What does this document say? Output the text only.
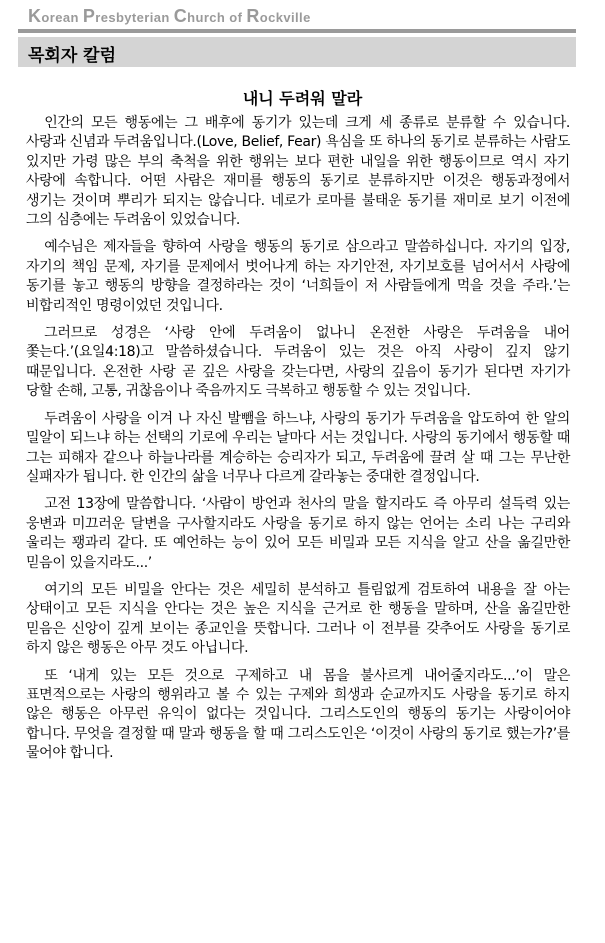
Korean Presbyterian Church of Rockville
목회자 칼럼
내니 두려워 말라

인간의 모든 행동에는 그 배후에 동기가 있는데 크게 세 종류로 분류할 수 있습니다. 사랑과 신념과 두려움입니다.(Love, Belief, Fear) 욕심을 또 하나의 동기로 분류하는 사람도 있지만 가령 많은 부의 축척을 위한 행위는 보다 편한 내일을 위한 행동이므로 역시 자기 사랑에 속합니다. 어떤 사람은 재미를 행동의 동기로 분류하지만 이것은 행동과정에서 생기는 것이며 뿌리가 되지는 않습니다. 네로가 로마를 불태운 동기를 재미로 보기 이전에 그의 심층에는 두려움이 있었습니다.

예수님은 제자들을 향하여 사랑을 행동의 동기로 삼으라고 말씀하십니다. 자기의 입장, 자기의 책임 문제, 자기를 문제에서 벗어나게 하는 자기안전, 자기보호를 넘어서서 사랑에 동기를 놓고 행동의 방향을 결정하라는 것이 ‘너희들이 저 사람들에게 먹을 것을 주라.’는 비합리적인 명령이었던 것입니다.

그러므로 성경은 ‘사랑 안에 두려움이 없나니 온전한 사랑은 두려움을 내어 쫓는다.’(요일4:18)고 말씀하셨습니다. 두려움이 있는 것은 아직 사랑이 깊지 않기 때문입니다. 온전한 사랑 곧 깊은 사랑을 갖는다면, 사랑의 깊음이 동기가 된다면 자기가 당할 손해, 고통, 귀찮음이나 죽음까지도 극복하고 행동할 수 있는 것입니다.

두려움이 사랑을 이겨 나 자신 발뺌을 하느냐, 사랑의 동기가 두려움을 압도하여 한 알의 밀알이 되느냐 하는 선택의 기로에 우리는 날마다 서는 것입니다. 사랑의 동기에서 행동할 때 그는 피해자 같으나 하늘나라를 계승하는 승리자가 되고, 두려움에 끌려 살 때 그는 무난한 실패자가 됩니다. 한 인간의 삶을 너무나 다르게 갈라놓는 중대한 결정입니다.

고전 13장에 말씀합니다. ‘사람이 방언과 천사의 말을 할지라도 즉 아무리 설득력 있는 웅변과 미끄러운 달변을 구사할지라도 사랑을 동기로 하지 않는 언어는 소리 나는 구리와 울리는 꽹과리 같다. 또 예언하는 능이 있어 모든 비밀과 모든 지식을 알고 산을 옮길만한 믿음이 있을지라도...’

여기의 모든 비밀을 안다는 것은 세밀히 분석하고 틀림없게 검토하여 내용을 잘 아는 상태이고 모든 지식을 안다는 것은 높은 지식을 근거로 한 행동을 말하며, 산을 옮길만한 믿음은 신앙이 깊게 보이는 종교인을 뜻합니다. 그러나 이 전부를 갖추어도 사랑을 동기로 하지 않은 행동은 아무 것도 아닙니다.

또 ‘내게 있는 모든 것으로 구제하고 내 몸을 불사르게 내어줄지라도...’이 말은 표면적으로는 사랑의 행위라고 볼 수 있는 구제와 희생과 순교까지도 사랑을 동기로 하지 않은 행동은 아무런 유익이 없다는 것입니다. 그리스도인의 행동의 동기는 사랑이어야 합니다. 무엇을 결정할 때 말과 행동을 할 때 그리스도인은 ‘이것이 사랑의 동기로 했는가?’를 물어야 합니다.
